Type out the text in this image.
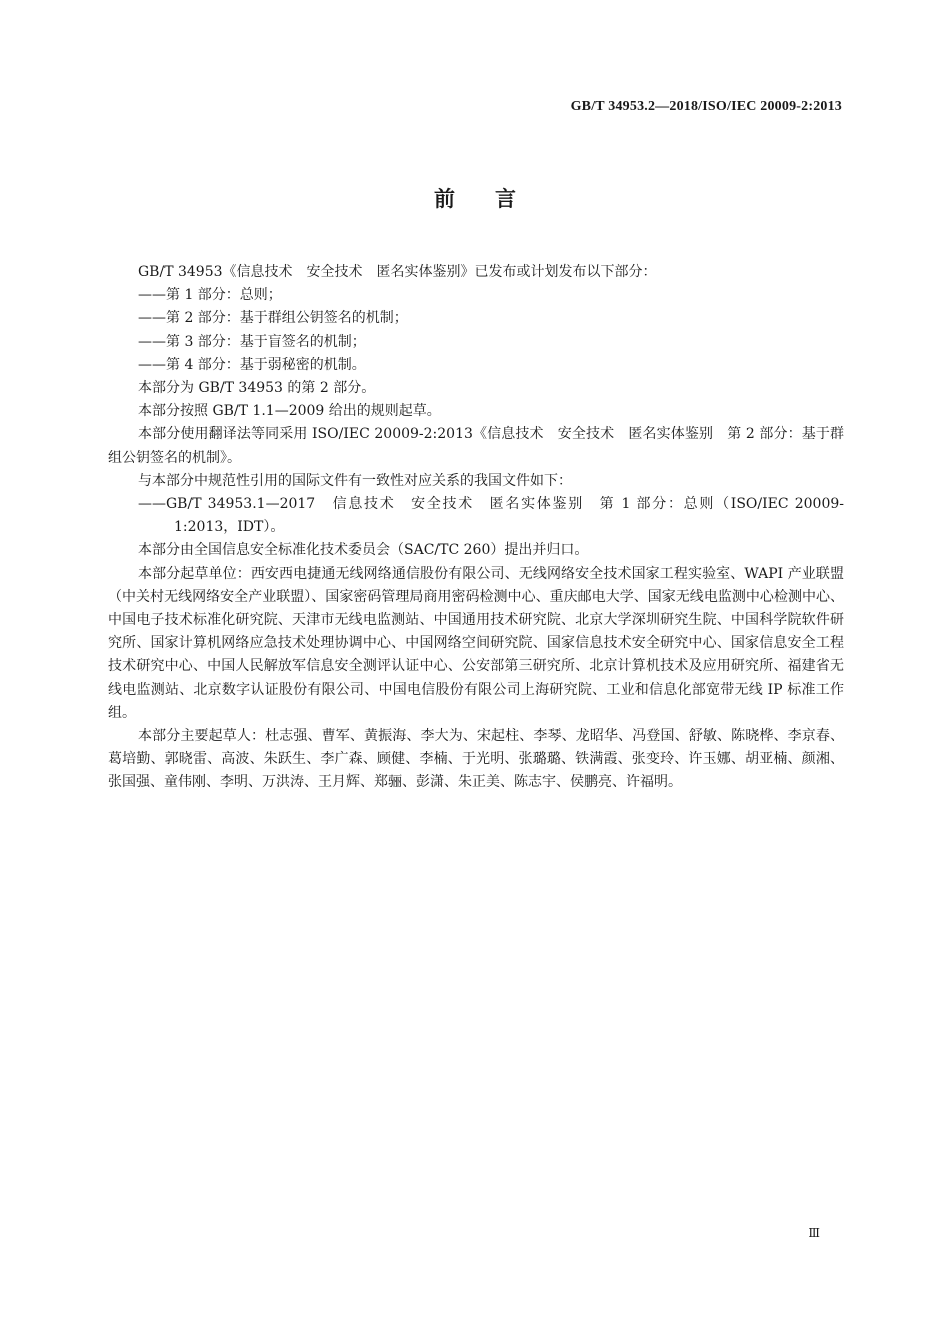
GB/T 34953.2—2018/ISO/IEC 20009-2:2013
前言

GB/T 34953《信息技术　安全技术　匿名实体鉴别》已发布或计划发布以下部分：

——第 1 部分：总则；

——第 2 部分：基于群组公钥签名的机制；

——第 3 部分：基于盲签名的机制；

——第 4 部分：基于弱秘密的机制。

本部分为 GB/T 34953 的第 2 部分。

本部分按照 GB/T 1.1—2009 给出的规则起草。

本部分使用翻译法等同采用 ISO/IEC 20009-2:2013《信息技术　安全技术　匿名实体鉴别　第 2 部分：基于群组公钥签名的机制》。

与本部分中规范性引用的国际文件有一致性对应关系的我国文件如下：

——GB/T 34953.1—2017　信息技术　安全技术　匿名实体鉴别　第 1 部分：总则（ISO/IEC 20009-1:2013，IDT）。

本部分由全国信息安全标准化技术委员会（SAC/TC 260）提出并归口。

本部分起草单位：西安西电捷通无线网络通信股份有限公司、无线网络安全技术国家工程实验室、WAPI 产业联盟（中关村无线网络安全产业联盟）、国家密码管理局商用密码检测中心、重庆邮电大学、国家无线电监测中心检测中心、中国电子技术标准化研究院、天津市无线电监测站、中国通用技术研究院、北京大学深圳研究生院、中国科学院软件研究所、国家计算机网络应急技术处理协调中心、中国网络空间研究院、国家信息技术安全研究中心、国家信息安全工程技术研究中心、中国人民解放军信息安全测评认证中心、公安部第三研究所、北京计算机技术及应用研究所、福建省无线电监测站、北京数字认证股份有限公司、中国电信股份有限公司上海研究院、工业和信息化部宽带无线 IP 标准工作组。

本部分主要起草人：杜志强、曹军、黄振海、李大为、宋起柱、李琴、龙昭华、冯登国、舒敏、陈晓桦、李京春、葛培勤、郭晓雷、高波、朱跃生、李广森、顾健、李楠、于光明、张璐璐、铁满霞、张变玲、许玉娜、胡亚楠、颜湘、张国强、童伟刚、李明、万洪涛、王月辉、郑骊、彭潇、朱正美、陈志宇、侯鹏亮、许福明。

Ⅲ
